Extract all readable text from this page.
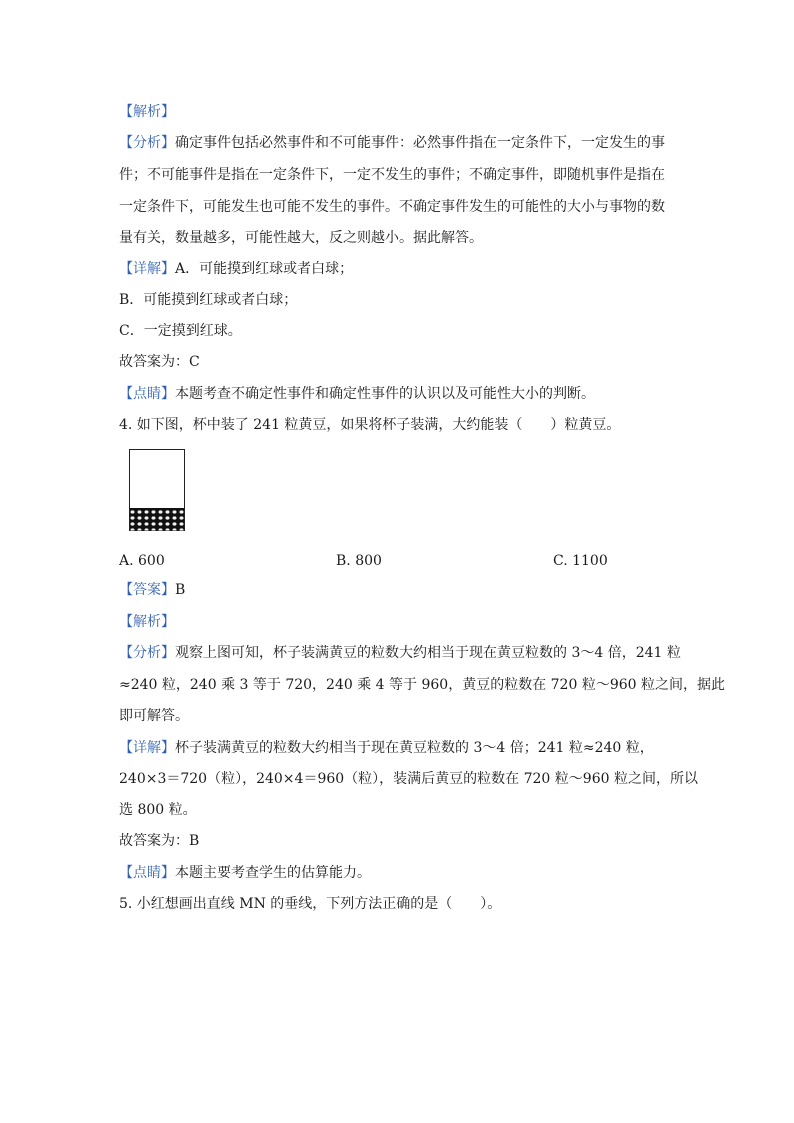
【解析】
【分析】确定事件包括必然事件和不可能事件：必然事件指在一定条件下，一定发生的事
件；不可能事件是指在一定条件下，一定不发生的事件；不确定事件，即随机事件是指在
一定条件下，可能发生也可能不发生的事件。不确定事件发生的可能性的大小与事物的数
量有关，数量越多，可能性越大，反之则越小。据此解答。
【详解】A．可能摸到红球或者白球；
B．可能摸到红球或者白球；
C．一定摸到红球。
故答案为：C
【点睛】本题考查不确定性事件和确定性事件的认识以及可能性大小的判断。
4. 如下图，杯中装了 241 粒黄豆，如果将杯子装满，大约能装（　　）粒黄豆。
A. 600	B. 800	C. 1100
【答案】B
【解析】
【分析】观察上图可知，杯子装满黄豆的粒数大约相当于现在黄豆粒数的 3～4 倍，241 粒
≈240 粒，240 乘 3 等于 720，240 乘 4 等于 960，黄豆的粒数在 720 粒～960 粒之间，据此
即可解答。
【详解】杯子装满黄豆的粒数大约相当于现在黄豆粒数的 3～4 倍；241 粒≈240 粒，
240×3＝720（粒），240×4＝960（粒），装满后黄豆的粒数在 720 粒～960 粒之间，所以
选 800 粒。
故答案为：B
【点睛】本题主要考查学生的估算能力。
5. 小红想画出直线 MN 的垂线，下列方法正确的是（　　）。
